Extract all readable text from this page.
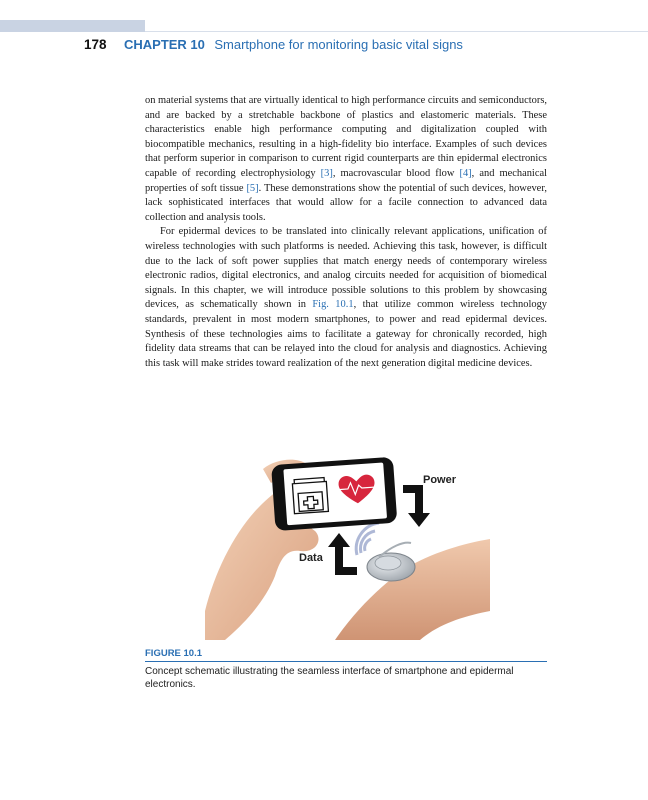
178 CHAPTER 10 Smartphone for monitoring basic vital signs

on material systems that are virtually identical to high performance circuits and semiconductors, and are backed by a stretchable backbone of plastics and elastomeric materials. These characteristics enable high performance computing and digitalization coupled with biocompatible mechanics, resulting in a high-fidelity bio interface. Examples of such devices that perform superior in comparison to current rigid counterparts are thin epidermal electronics capable of recording electrophysiology [3], macrovascular blood flow [4], and mechanical properties of soft tissue [5]. These demonstrations show the potential of such devices, however, lack sophisticated interfaces that would allow for a facile connection to advanced data collection and analysis tools.

For epidermal devices to be translated into clinically relevant applications, unification of wireless technologies with such platforms is needed. Achieving this task, however, is difficult due to the lack of soft power supplies that match energy needs of contemporary wireless electronic radios, digital electronics, and analog circuits needed for acquisition of biomedical signals. In this chapter, we will introduce possible solutions to this problem by showcasing devices, as schematically shown in Fig. 10.1, that utilize common wireless technology standards, prevalent in most modern smartphones, to power and read epidermal devices. Synthesis of these technologies aims to facilitate a gateway for chronically recorded, high fidelity data streams that can be relayed into the cloud for analysis and diagnostics. Achieving this task will make strides toward realization of the next generation digital medicine devices.

Power
Data
FIGURE 10.1
Concept schematic illustrating the seamless interface of smartphone and epidermal electronics.
